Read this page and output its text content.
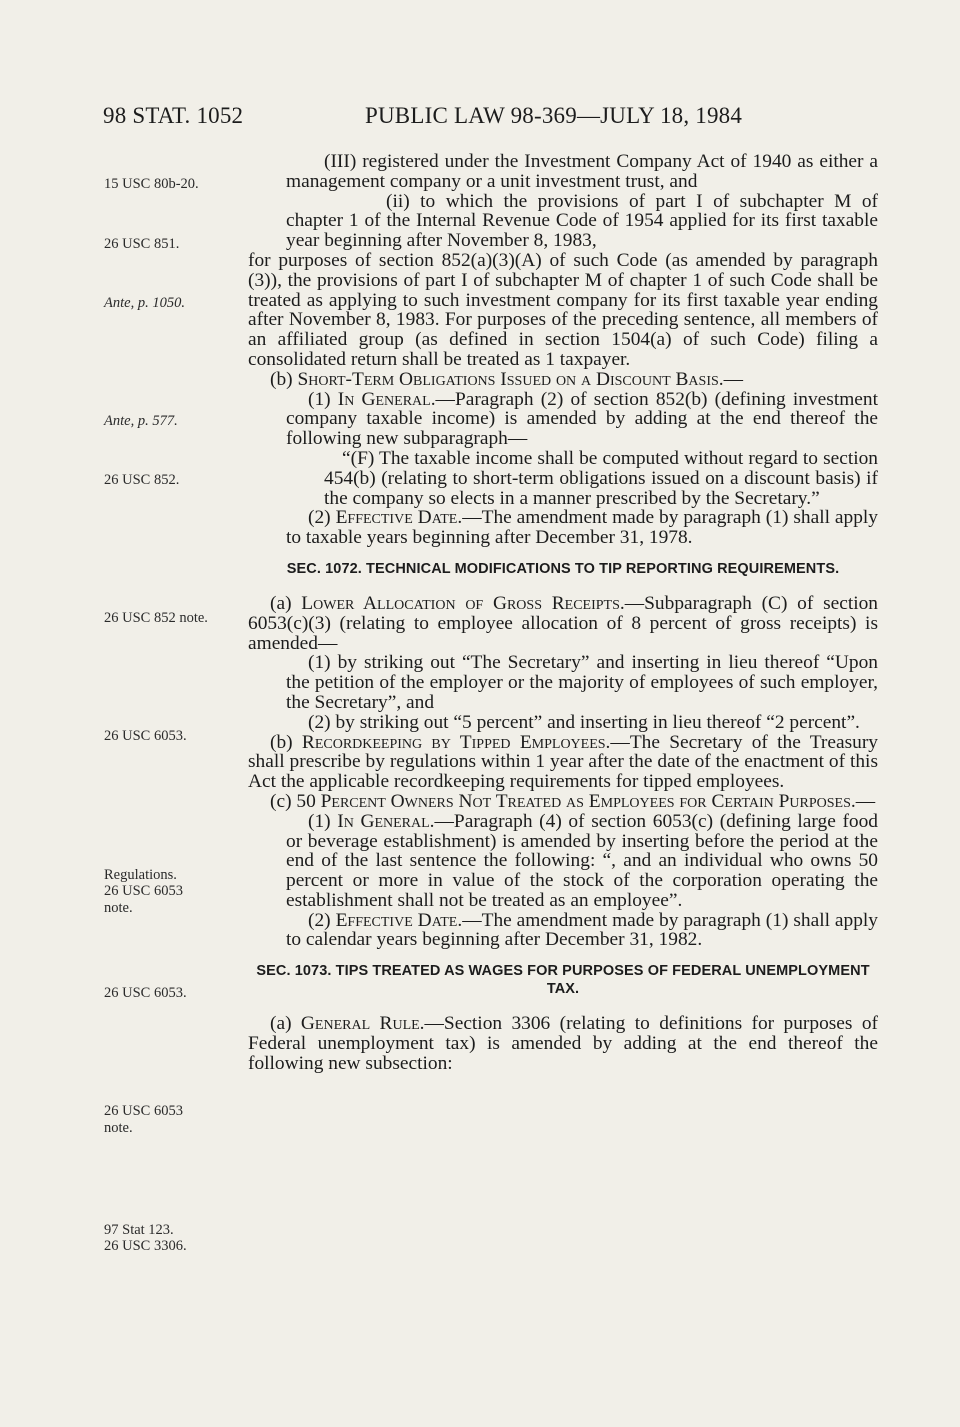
98 STAT. 1052	PUBLIC LAW 98-369—JULY 18, 1984
15 USC 80b-20.
26 USC 851.
Ante, p. 1050.
Ante, p. 577.
26 USC 852.
26 USC 852 note.
26 USC 6053.
Regulations.
26 USC 6053 note.
26 USC 6053.
26 USC 6053 note.
97 Stat 123.
26 USC 3306.

(III) registered under the Investment Company Act of 1940 as either a management company or a unit investment trust, and

(ii) to which the provisions of part I of subchapter M of chapter 1 of the Internal Revenue Code of 1954 applied for its first taxable year beginning after November 8, 1983,

for purposes of section 852(a)(3)(A) of such Code (as amended by paragraph (3)), the provisions of part I of subchapter M of chapter 1 of such Code shall be treated as applying to such investment company for its first taxable year ending after November 8, 1983. For purposes of the preceding sentence, all members of an affiliated group (as defined in section 1504(a) of such Code) filing a consolidated return shall be treated as 1 taxpayer.

(b) Short-Term Obligations Issued on a Discount Basis.—

(1) In General.—Paragraph (2) of section 852(b) (defining investment company taxable income) is amended by adding at the end thereof the following new subparagraph—

“(F) The taxable income shall be computed without regard to section 454(b) (relating to short-term obligations issued on a discount basis) if the company so elects in a manner prescribed by the Secretary.”

(2) Effective Date.—The amendment made by paragraph (1) shall apply to taxable years beginning after December 31, 1978.

SEC. 1072. TECHNICAL MODIFICATIONS TO TIP REPORTING REQUIREMENTS.

(a) Lower Allocation of Gross Receipts.—Subparagraph (C) of section 6053(c)(3) (relating to employee allocation of 8 percent of gross receipts) is amended—

(1) by striking out “The Secretary” and inserting in lieu thereof “Upon the petition of the employer or the majority of employees of such employer, the Secretary”, and

(2) by striking out “5 percent” and inserting in lieu thereof “2 percent”.

(b) Recordkeeping by Tipped Employees.—The Secretary of the Treasury shall prescribe by regulations within 1 year after the date of the enactment of this Act the applicable recordkeeping requirements for tipped employees.

(c) 50 Percent Owners Not Treated as Employees for Certain Purposes.—

(1) In General.—Paragraph (4) of section 6053(c) (defining large food or beverage establishment) is amended by inserting before the period at the end of the last sentence the following: “, and an individual who owns 50 percent or more in value of the stock of the corporation operating the establishment shall not be treated as an employee”.

(2) Effective Date.—The amendment made by paragraph (1) shall apply to calendar years beginning after December 31, 1982.

SEC. 1073. TIPS TREATED AS WAGES FOR PURPOSES OF FEDERAL UNEMPLOYMENT TAX.

(a) General Rule.—Section 3306 (relating to definitions for purposes of Federal unemployment tax) is amended by adding at the end thereof the following new subsection:
